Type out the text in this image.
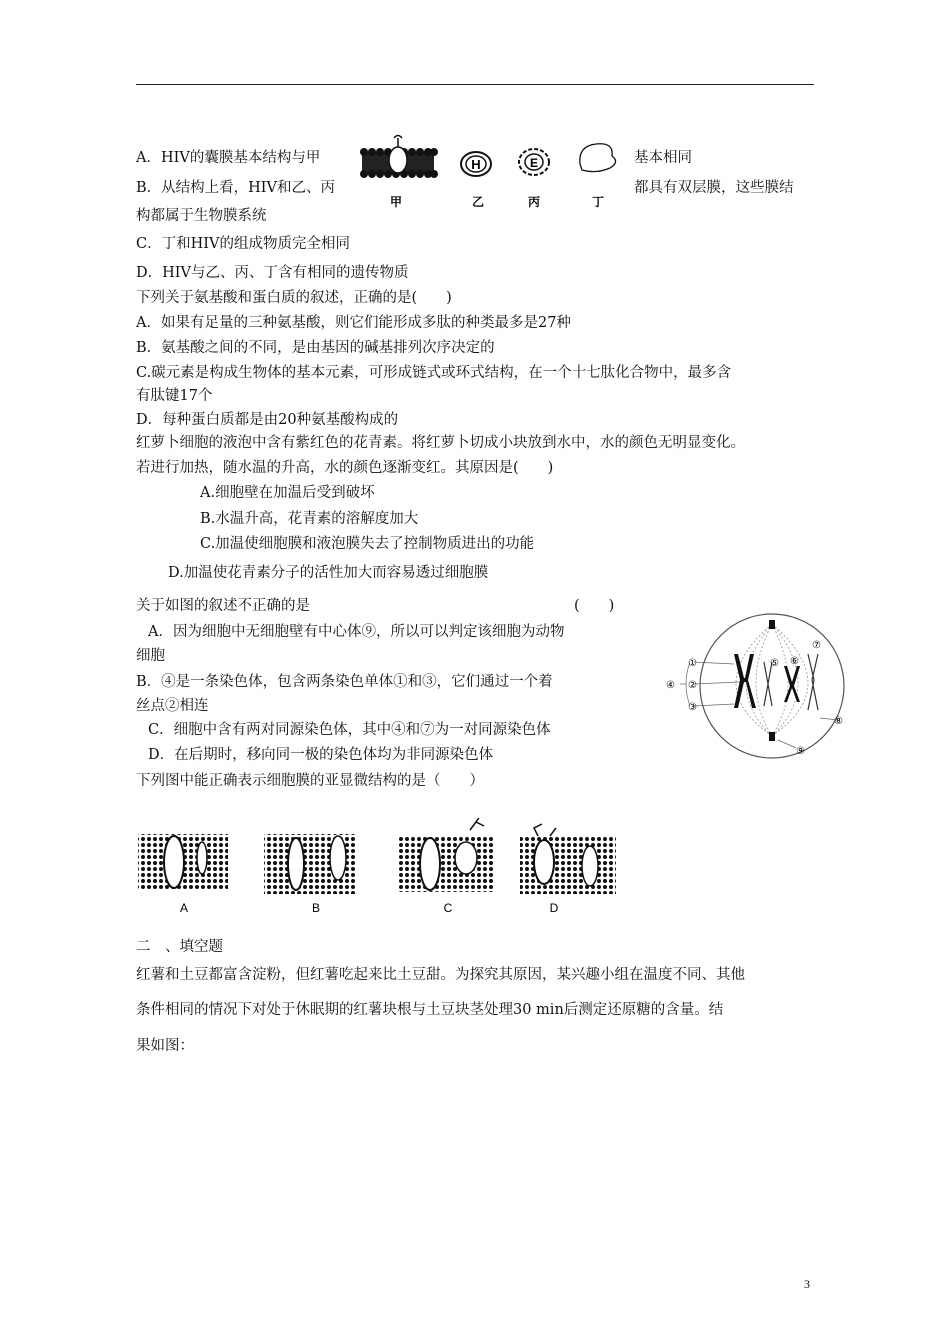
A．HIV的囊膜基本结构与甲	基本相同
B．从结构上看，HIV和乙、丙	都具有双层膜，这些膜结
构都属于生物膜系统
C．丁和HIV的组成物质完全相同
D．HIV与乙、丙、丁含有相同的遗传物质
H	E
甲	乙	丙	丁
下列关于氨基酸和蛋白质的叙述，正确的是(　　)
A．如果有足量的三种氨基酸，则它们能形成多肽的种类最多是27种
B．氨基酸之间的不同，是由基因的碱基排列次序决定的
C.碳元素是构成生物体的基本元素，可形成链式或环式结构，在一个十七肽化合物中，最多含
有肽键17个
D．每种蛋白质都是由20种氨基酸构成的
红萝卜细胞的液泡中含有紫红色的花青素。将红萝卜切成小块放到水中，水的颜色无明显变化。
若进行加热，随水温的升高，水的颜色逐渐变红。其原因是(　　)
A.细胞壁在加温后受到破坏
B.水温升高，花青素的溶解度加大
C.加温使细胞膜和液泡膜失去了控制物质进出的功能
D.加温使花青素分子的活性加大而容易透过细胞膜
关于如图的叙述不正确的是	(　　)
A．因为细胞中无细胞壁有中心体⑨，所以可以判定该细胞为动物
细胞
B．④是一条染色体，包含两条染色单体①和③，它们通过一个着
丝点②相连
C．细胞中含有两对同源染色体，其中④和⑦为一对同源染色体
D．在后期时，移向同一极的染色体均为非同源染色体
①
②
③
④
⑤ ⑥
⑦
⑧
⑨
下列图中能正确表示细胞膜的亚显微结构的是（　　）
A	B	C	D
二　、填空题
红薯和土豆都富含淀粉，但红薯吃起来比土豆甜。为探究其原因，某兴趣小组在温度不同、其他
条件相同的情况下对处于休眠期的红薯块根与土豆块茎处理30 min后测定还原糖的含量。结
果如图：
3
